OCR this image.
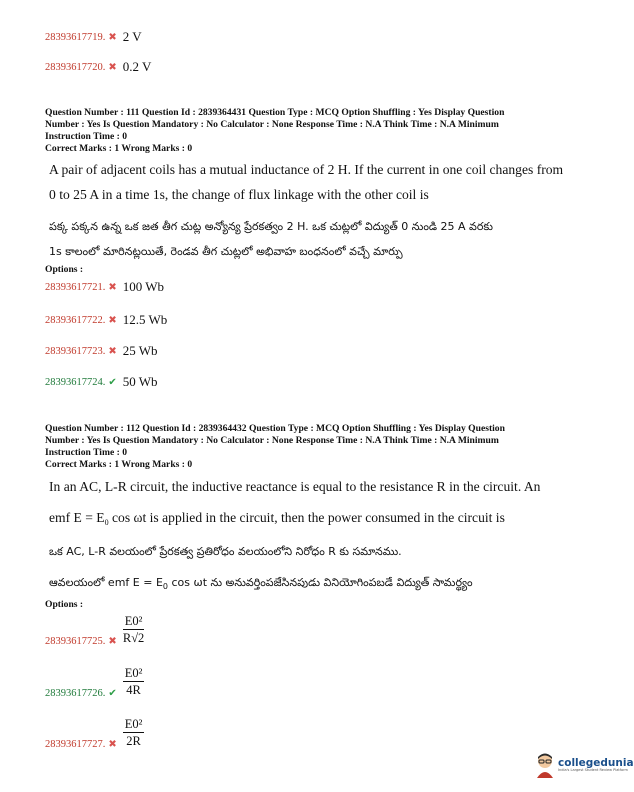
28393617719. ✖ 2 V
28393617720. ✖ 0.2 V
Question Number : 111 Question Id : 2839364431 Question Type : MCQ Option Shuffling : Yes Display Question
Number : Yes Is Question Mandatory : No Calculator : None Response Time : N.A Think Time : N.A Minimum
Instruction Time : 0
Correct Marks : 1 Wrong Marks : 0
A pair of adjacent coils has a mutual inductance of 2 H. If the current in one coil changes from
0 to 25 A in a time 1s, the change of flux linkage with the other coil is
పక్క పక్కన ఉన్న ఒక జత తీగ చుట్ల అన్యోన్య ప్రేరకత్వం 2 H. ఒక చుట్లలో విద్యుత్ 0 నుండి 25 A వరకు
1s కాలంలో మారినట్లయితే, రెండవ తీగ చుట్లలో అభివాహ బంధనంలో వచ్చే మార్పు
Options :
28393617721. ✖ 100 Wb
28393617722. ✖ 12.5 Wb
28393617723. ✖ 25 Wb
28393617724. ✔ 50 Wb
Question Number : 112 Question Id : 2839364432 Question Type : MCQ Option Shuffling : Yes Display Question
Number : Yes Is Question Mandatory : No Calculator : None Response Time : N.A Think Time : N.A Minimum
Instruction Time : 0
Correct Marks : 1 Wrong Marks : 0
In an AC, L-R circuit, the inductive reactance is equal to the resistance R in the circuit. An
emf $E = E_0$ cos ωt is applied in the circuit, then the power consumed in the circuit is
ఒక AC, L-R వలయంలో ప్రేరకత్వ ప్రతిరోధం వలయంలోని నిరోధం R కు సమానము.
ఆవలయంలో emf $E = E_0$ cos ωt ను అనువర్తింపజేసినపుడు వినియోగింపబడే విద్యుత్ సామర్థ్యం
Options :
28393617725. ✖ $\frac{\text{E0²}}{R√2}$
28393617726. ✔ $\frac{\text{E0²}}{4R}$
28393617727. ✖ $\frac{\text{E0²}}{2R}$
collegedunia
India's Largest Student Review Platform
